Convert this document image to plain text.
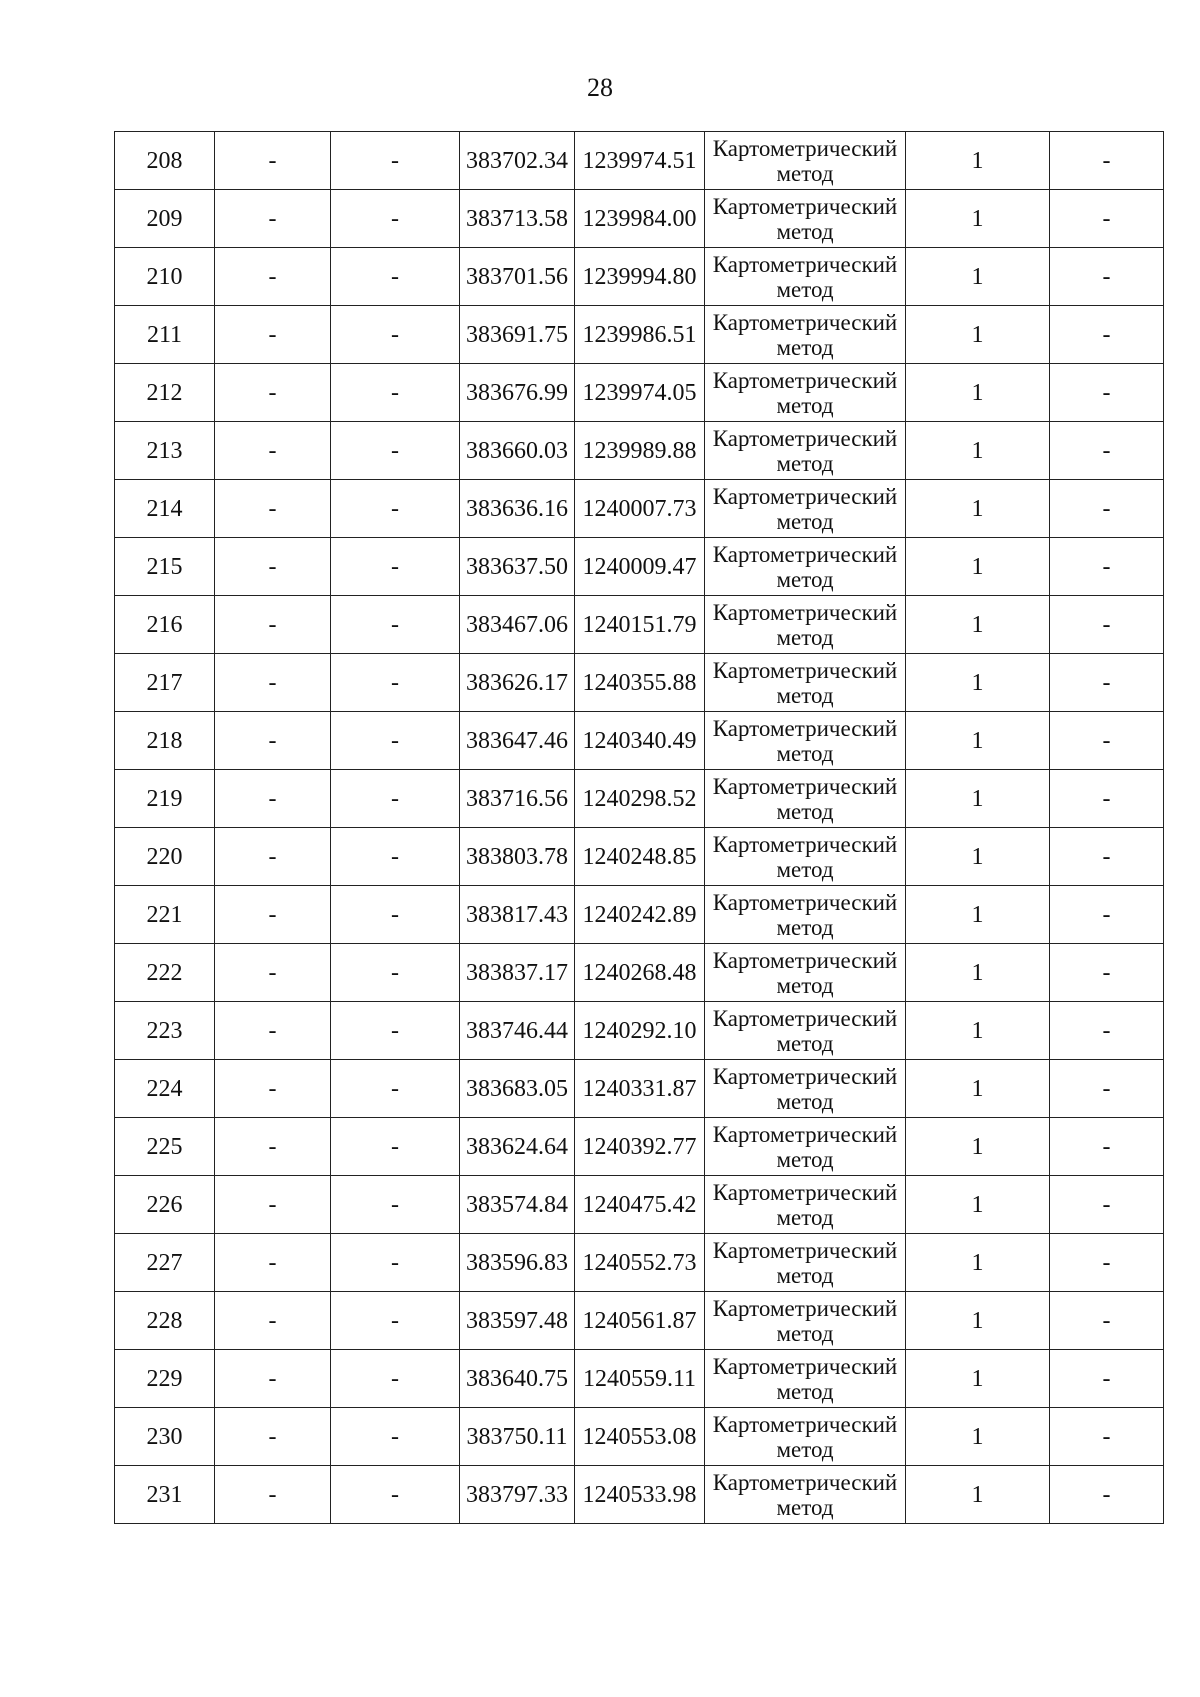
28
208	-	-	383702.34	1239974.51	Картометрический
метод	1	-
209	-	-	383713.58	1239984.00	Картометрический
метод	1	-
210	-	-	383701.56	1239994.80	Картометрический
метод	1	-
211	-	-	383691.75	1239986.51	Картометрический
метод	1	-
212	-	-	383676.99	1239974.05	Картометрический
метод	1	-
213	-	-	383660.03	1239989.88	Картометрический
метод	1	-
214	-	-	383636.16	1240007.73	Картометрический
метод	1	-
215	-	-	383637.50	1240009.47	Картометрический
метод	1	-
216	-	-	383467.06	1240151.79	Картометрический
метод	1	-
217	-	-	383626.17	1240355.88	Картометрический
метод	1	-
218	-	-	383647.46	1240340.49	Картометрический
метод	1	-
219	-	-	383716.56	1240298.52	Картометрический
метод	1	-
220	-	-	383803.78	1240248.85	Картометрический
метод	1	-
221	-	-	383817.43	1240242.89	Картометрический
метод	1	-
222	-	-	383837.17	1240268.48	Картометрический
метод	1	-
223	-	-	383746.44	1240292.10	Картометрический
метод	1	-
224	-	-	383683.05	1240331.87	Картометрический
метод	1	-
225	-	-	383624.64	1240392.77	Картометрический
метод	1	-
226	-	-	383574.84	1240475.42	Картометрический
метод	1	-
227	-	-	383596.83	1240552.73	Картометрический
метод	1	-
228	-	-	383597.48	1240561.87	Картометрический
метод	1	-
229	-	-	383640.75	1240559.11	Картометрический
метод	1	-
230	-	-	383750.11	1240553.08	Картометрический
метод	1	-
231	-	-	383797.33	1240533.98	Картометрический
метод	1	-
